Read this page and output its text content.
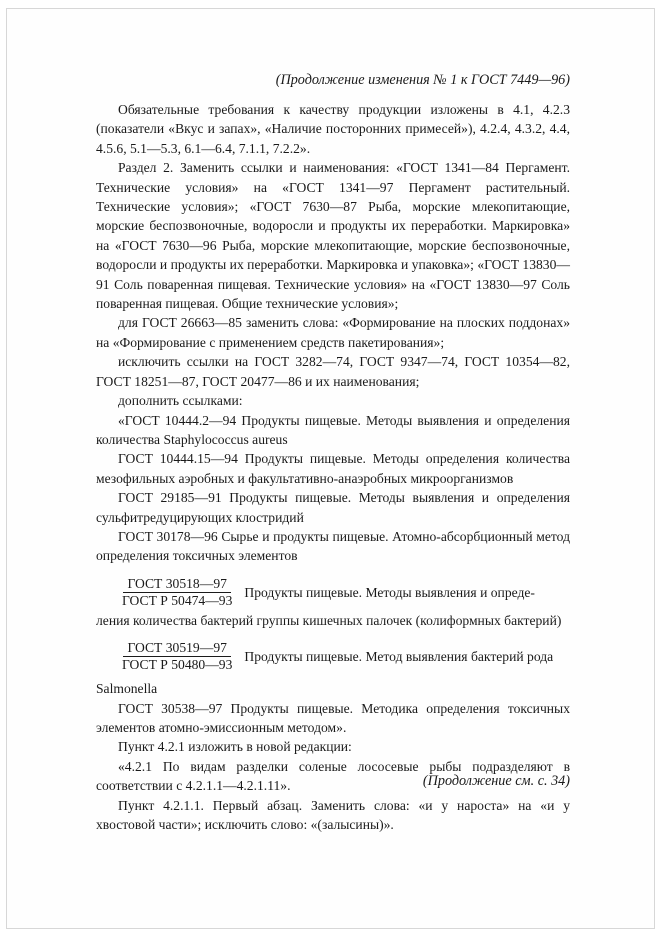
(Продолжение изменения № 1 к ГОСТ 7449—96)

Обязательные требования к качеству продукции изложены в 4.1, 4.2.3 (показатели «Вкус и запах», «Наличие посторонних примесей»), 4.2.4, 4.3.2, 4.4, 4.5.6, 5.1—5.3, 6.1—6.4, 7.1.1, 7.2.2».

Раздел 2. Заменить ссылки и наименования: «ГОСТ 1341—84 Пергамент. Технические условия» на «ГОСТ 1341—97 Пергамент растительный. Технические условия»; «ГОСТ 7630—87 Рыба, морские млекопитающие, морские беспозвоночные, водоросли и продукты их переработки. Маркировка» на «ГОСТ 7630—96 Рыба, морские млекопитающие, морские беспозвоночные, водоросли и продукты их переработки. Маркировка и упаковка»; «ГОСТ 13830—91 Соль поваренная пищевая. Технические условия» на «ГОСТ 13830—97 Соль поваренная пищевая. Общие технические условия»;

для ГОСТ 26663—85 заменить слова: «Формирование на плоских поддонах» на «Формирование с применением средств пакетирования»;

исключить ссылки на ГОСТ 3282—74, ГОСТ 9347—74, ГОСТ 10354—82, ГОСТ 18251—87, ГОСТ 20477—86 и их наименования;

дополнить ссылками:

«ГОСТ 10444.2—94 Продукты пищевые. Методы выявления и определения количества Staphylococcus aureus

ГОСТ 10444.15—94 Продукты пищевые. Методы определения количества мезофильных аэробных и факультативно-анаэробных микроорганизмов

ГОСТ 29185—91 Продукты пищевые. Методы выявления и определения сульфитредуцирующих клостридий

ГОСТ 30178—96 Сырье и продукты пищевые. Атомно-абсорбционный метод определения токсичных элементов

$\frac{\text{ГОСТ 30518—97}}{\text{ГОСТ Р 50474—93}}$ Продукты пищевые. Методы выявления и опреде-

ления количества бактерий группы кишечных палочек (колиформных бактерий)

$\frac{\text{ГОСТ 30519—97}}{\text{ГОСТ Р 50480—93}}$ Продукты пищевые. Метод выявления бактерий рода

Salmonella

ГОСТ 30538—97 Продукты пищевые. Методика определения токсичных элементов атомно-эмиссионным методом».

Пункт 4.2.1 изложить в новой редакции:

«4.2.1 По видам разделки соленые лососевые рыбы подразделяют в соответствии с 4.2.1.1—4.2.1.11».

Пункт 4.2.1.1. Первый абзац. Заменить слова: «и у нароста» на «и у хвостовой части»; исключить слово: «(залысины)».

(Продолжение см. с. 34)
